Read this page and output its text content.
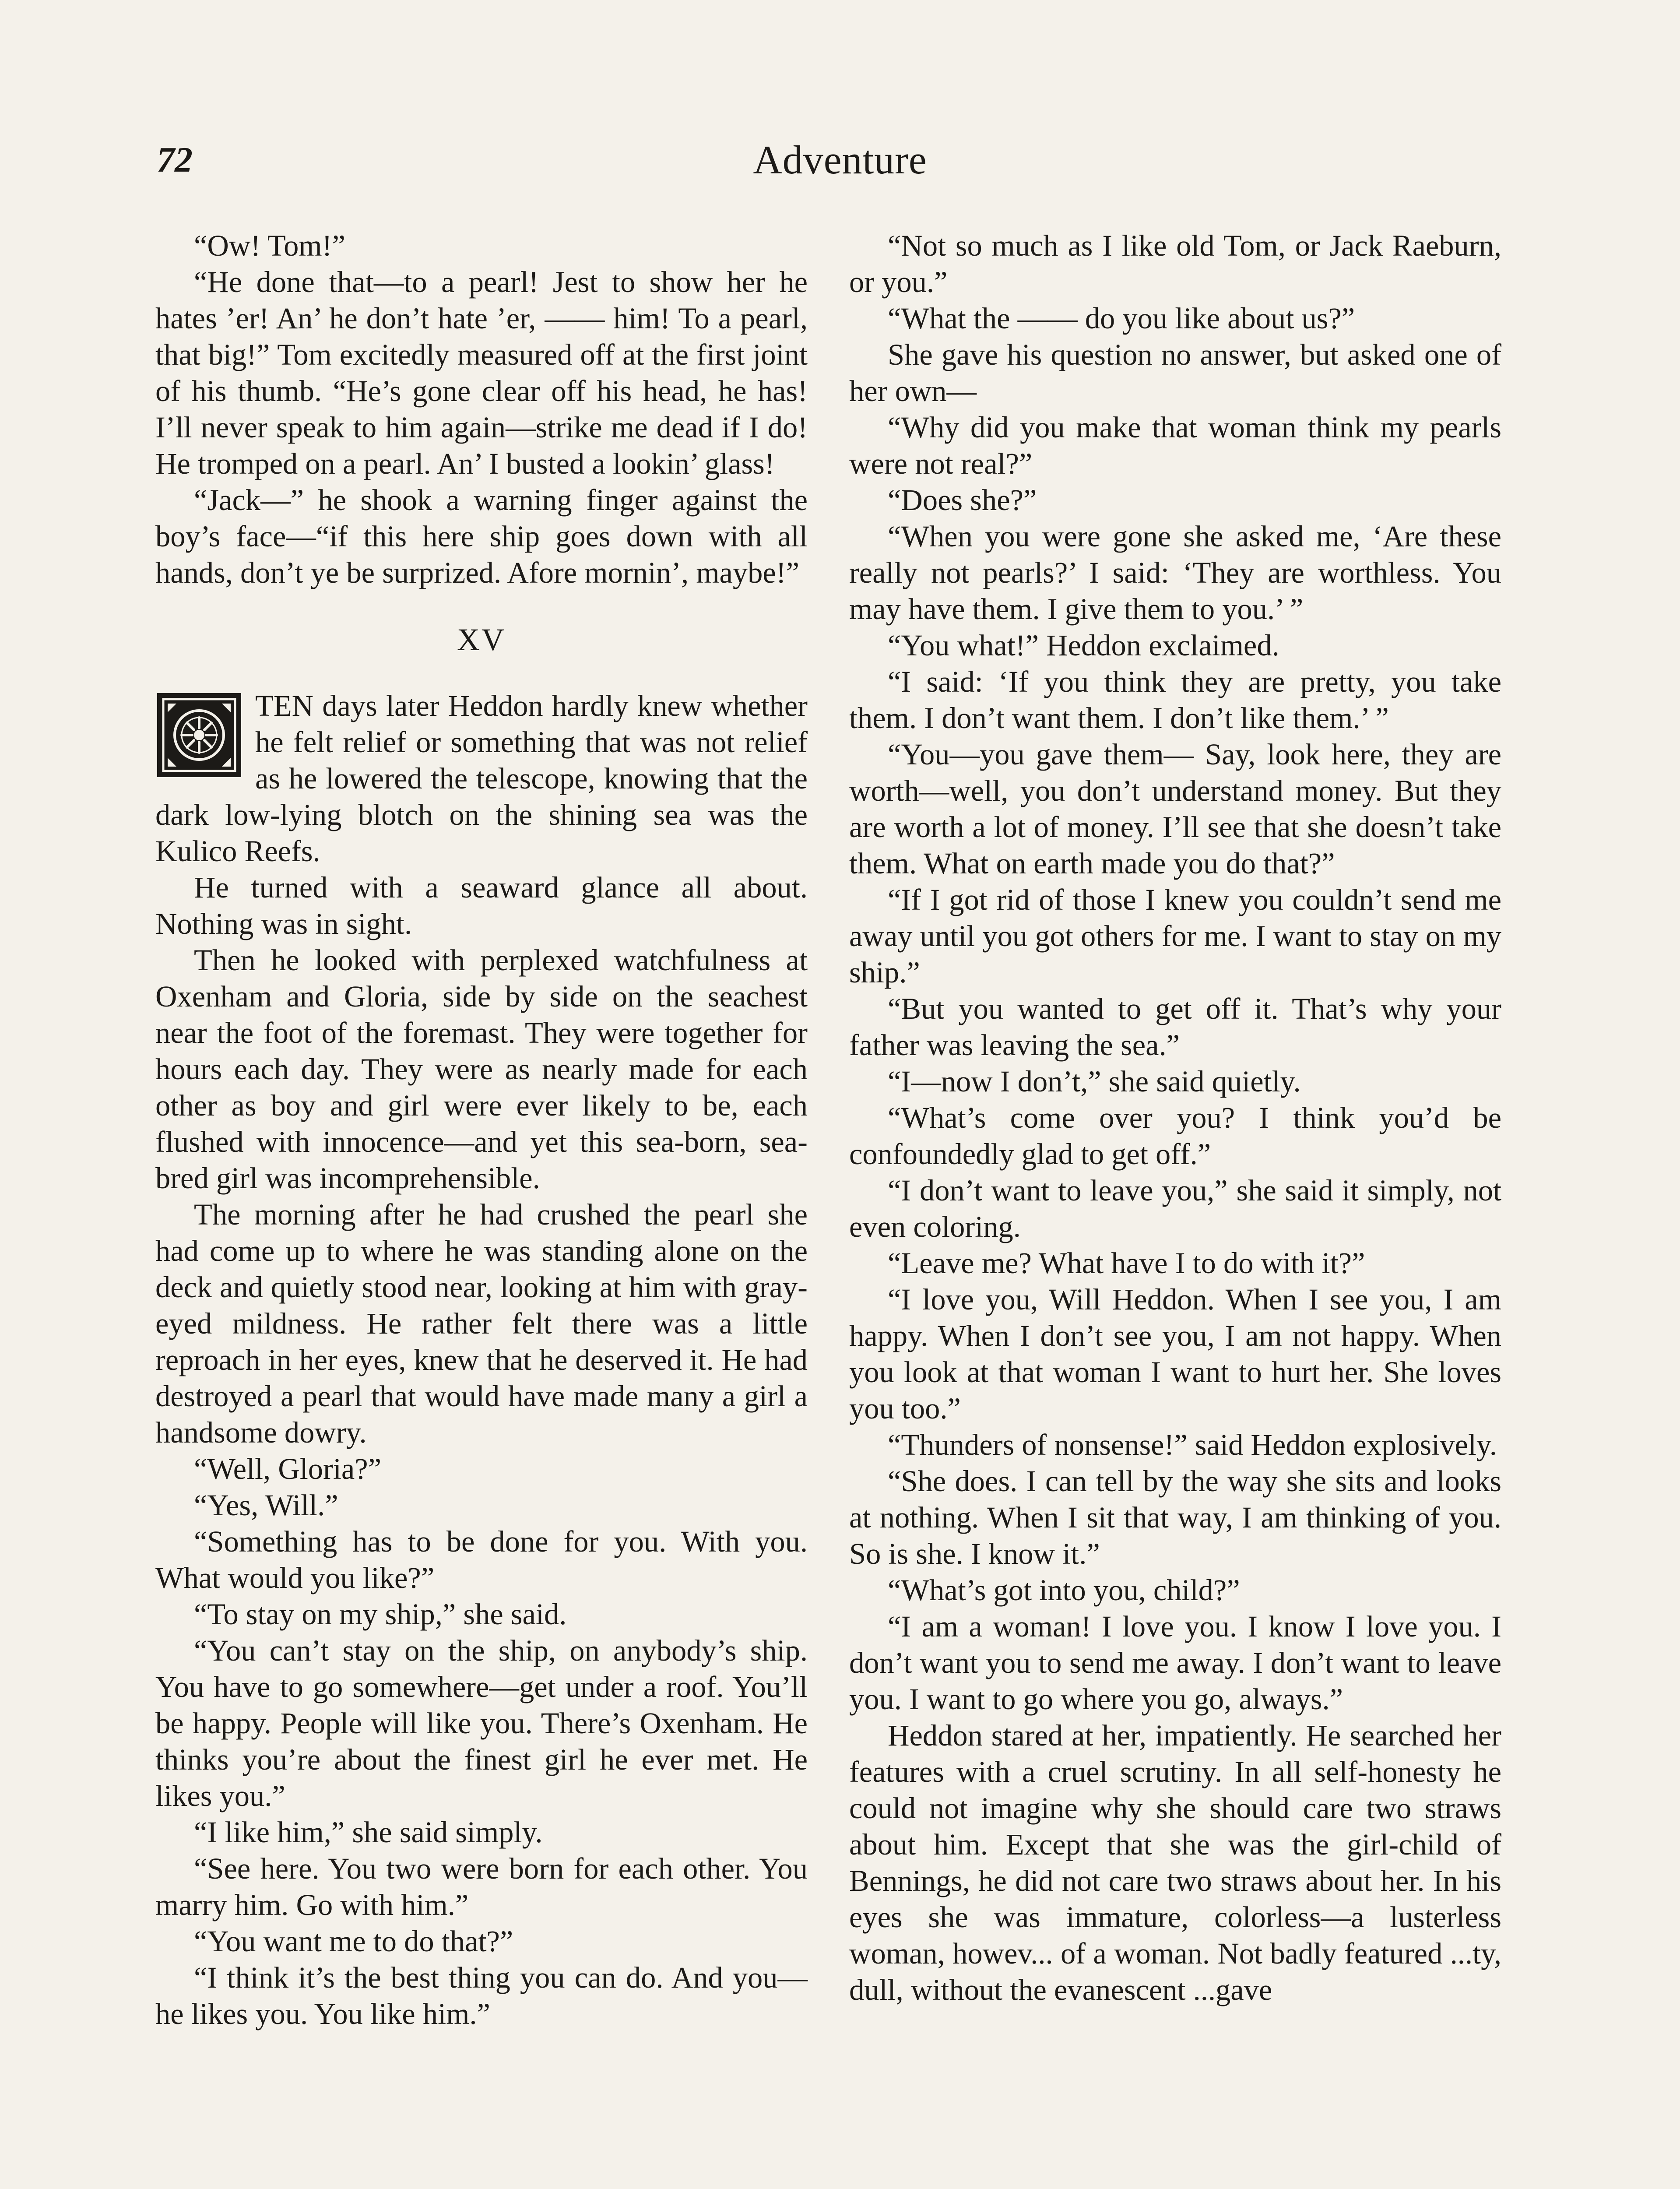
72	Adventure

“Ow! Tom!”

“He done that—to a pearl! Jest to show her he hates ’er! An’ he don’t hate ’er, —— him! To a pearl, that big!” Tom excitedly measured off at the first joint of his thumb. “He’s gone clear off his head, he has! I’ll never speak to him again—strike me dead if I do! He tromped on a pearl. An’ I busted a lookin’ glass!

“Jack—” he shook a warning finger against the boy’s face—“if this here ship goes down with all hands, don’t ye be surprized. Afore mornin’, maybe!”

XV

TEN days later Heddon hardly knew whether he felt relief or something that was not relief as he lowered the telescope, knowing that the dark low-lying blotch on the shining sea was the Kulico Reefs.

He turned with a seaward glance all about. Nothing was in sight.

Then he looked with perplexed watchfulness at Oxenham and Gloria, side by side on the seachest near the foot of the foremast. They were together for hours each day. They were as nearly made for each other as boy and girl were ever likely to be, each flushed with innocence—and yet this sea-born, sea-bred girl was incomprehensible.

The morning after he had crushed the pearl she had come up to where he was standing alone on the deck and quietly stood near, looking at him with gray-eyed mildness. He rather felt there was a little reproach in her eyes, knew that he deserved it. He had destroyed a pearl that would have made many a girl a handsome dowry.

“Well, Gloria?”

“Yes, Will.”

“Something has to be done for you. With you. What would you like?”

“To stay on my ship,” she said.

“You can’t stay on the ship, on anybody’s ship. You have to go somewhere—get under a roof. You’ll be happy. People will like you. There’s Oxenham. He thinks you’re about the finest girl he ever met. He likes you.”

“I like him,” she said simply.

“See here. You two were born for each other. You marry him. Go with him.”

“You want me to do that?”

“I think it’s the best thing you can do. And you—he likes you. You like him.”

“Not so much as I like old Tom, or Jack Raeburn, or you.”

“What the —— do you like about us?”

She gave his question no answer, but asked one of her own—

“Why did you make that woman think my pearls were not real?”

“Does she?”

“When you were gone she asked me, ‘Are these really not pearls?’ I said: ‘They are worthless. You may have them. I give them to you.’ ”

“You what!” Heddon exclaimed.

“I said: ‘If you think they are pretty, you take them. I don’t want them. I don’t like them.’ ”

“You—you gave them— Say, look here, they are worth—well, you don’t understand money. But they are worth a lot of money. I’ll see that she doesn’t take them. What on earth made you do that?”

“If I got rid of those I knew you couldn’t send me away until you got others for me. I want to stay on my ship.”

“But you wanted to get off it. That’s why your father was leaving the sea.”

“I—now I don’t,” she said quietly.

“What’s come over you? I think you’d be confoundedly glad to get off.”

“I don’t want to leave you,” she said it simply, not even coloring.

“Leave me? What have I to do with it?”

“I love you, Will Heddon. When I see you, I am happy. When I don’t see you, I am not happy. When you look at that woman I want to hurt her. She loves you too.”

“Thunders of nonsense!” said Heddon explosively.

“She does. I can tell by the way she sits and looks at nothing. When I sit that way, I am thinking of you. So is she. I know it.”

“What’s got into you, child?”

“I am a woman! I love you. I know I love you. I don’t want you to send me away. I don’t want to leave you. I want to go where you go, always.”

Heddon stared at her, impatiently. He searched her features with a cruel scrutiny. In all self-honesty he could not imagine why she should care two straws about him. Except that she was the girl-child of Bennings, he did not care two straws about her. In his eyes she was immature, colorless—a lusterless woman, howev... of a woman. Not badly featured ...ty, dull, without the evanescent ...gave
